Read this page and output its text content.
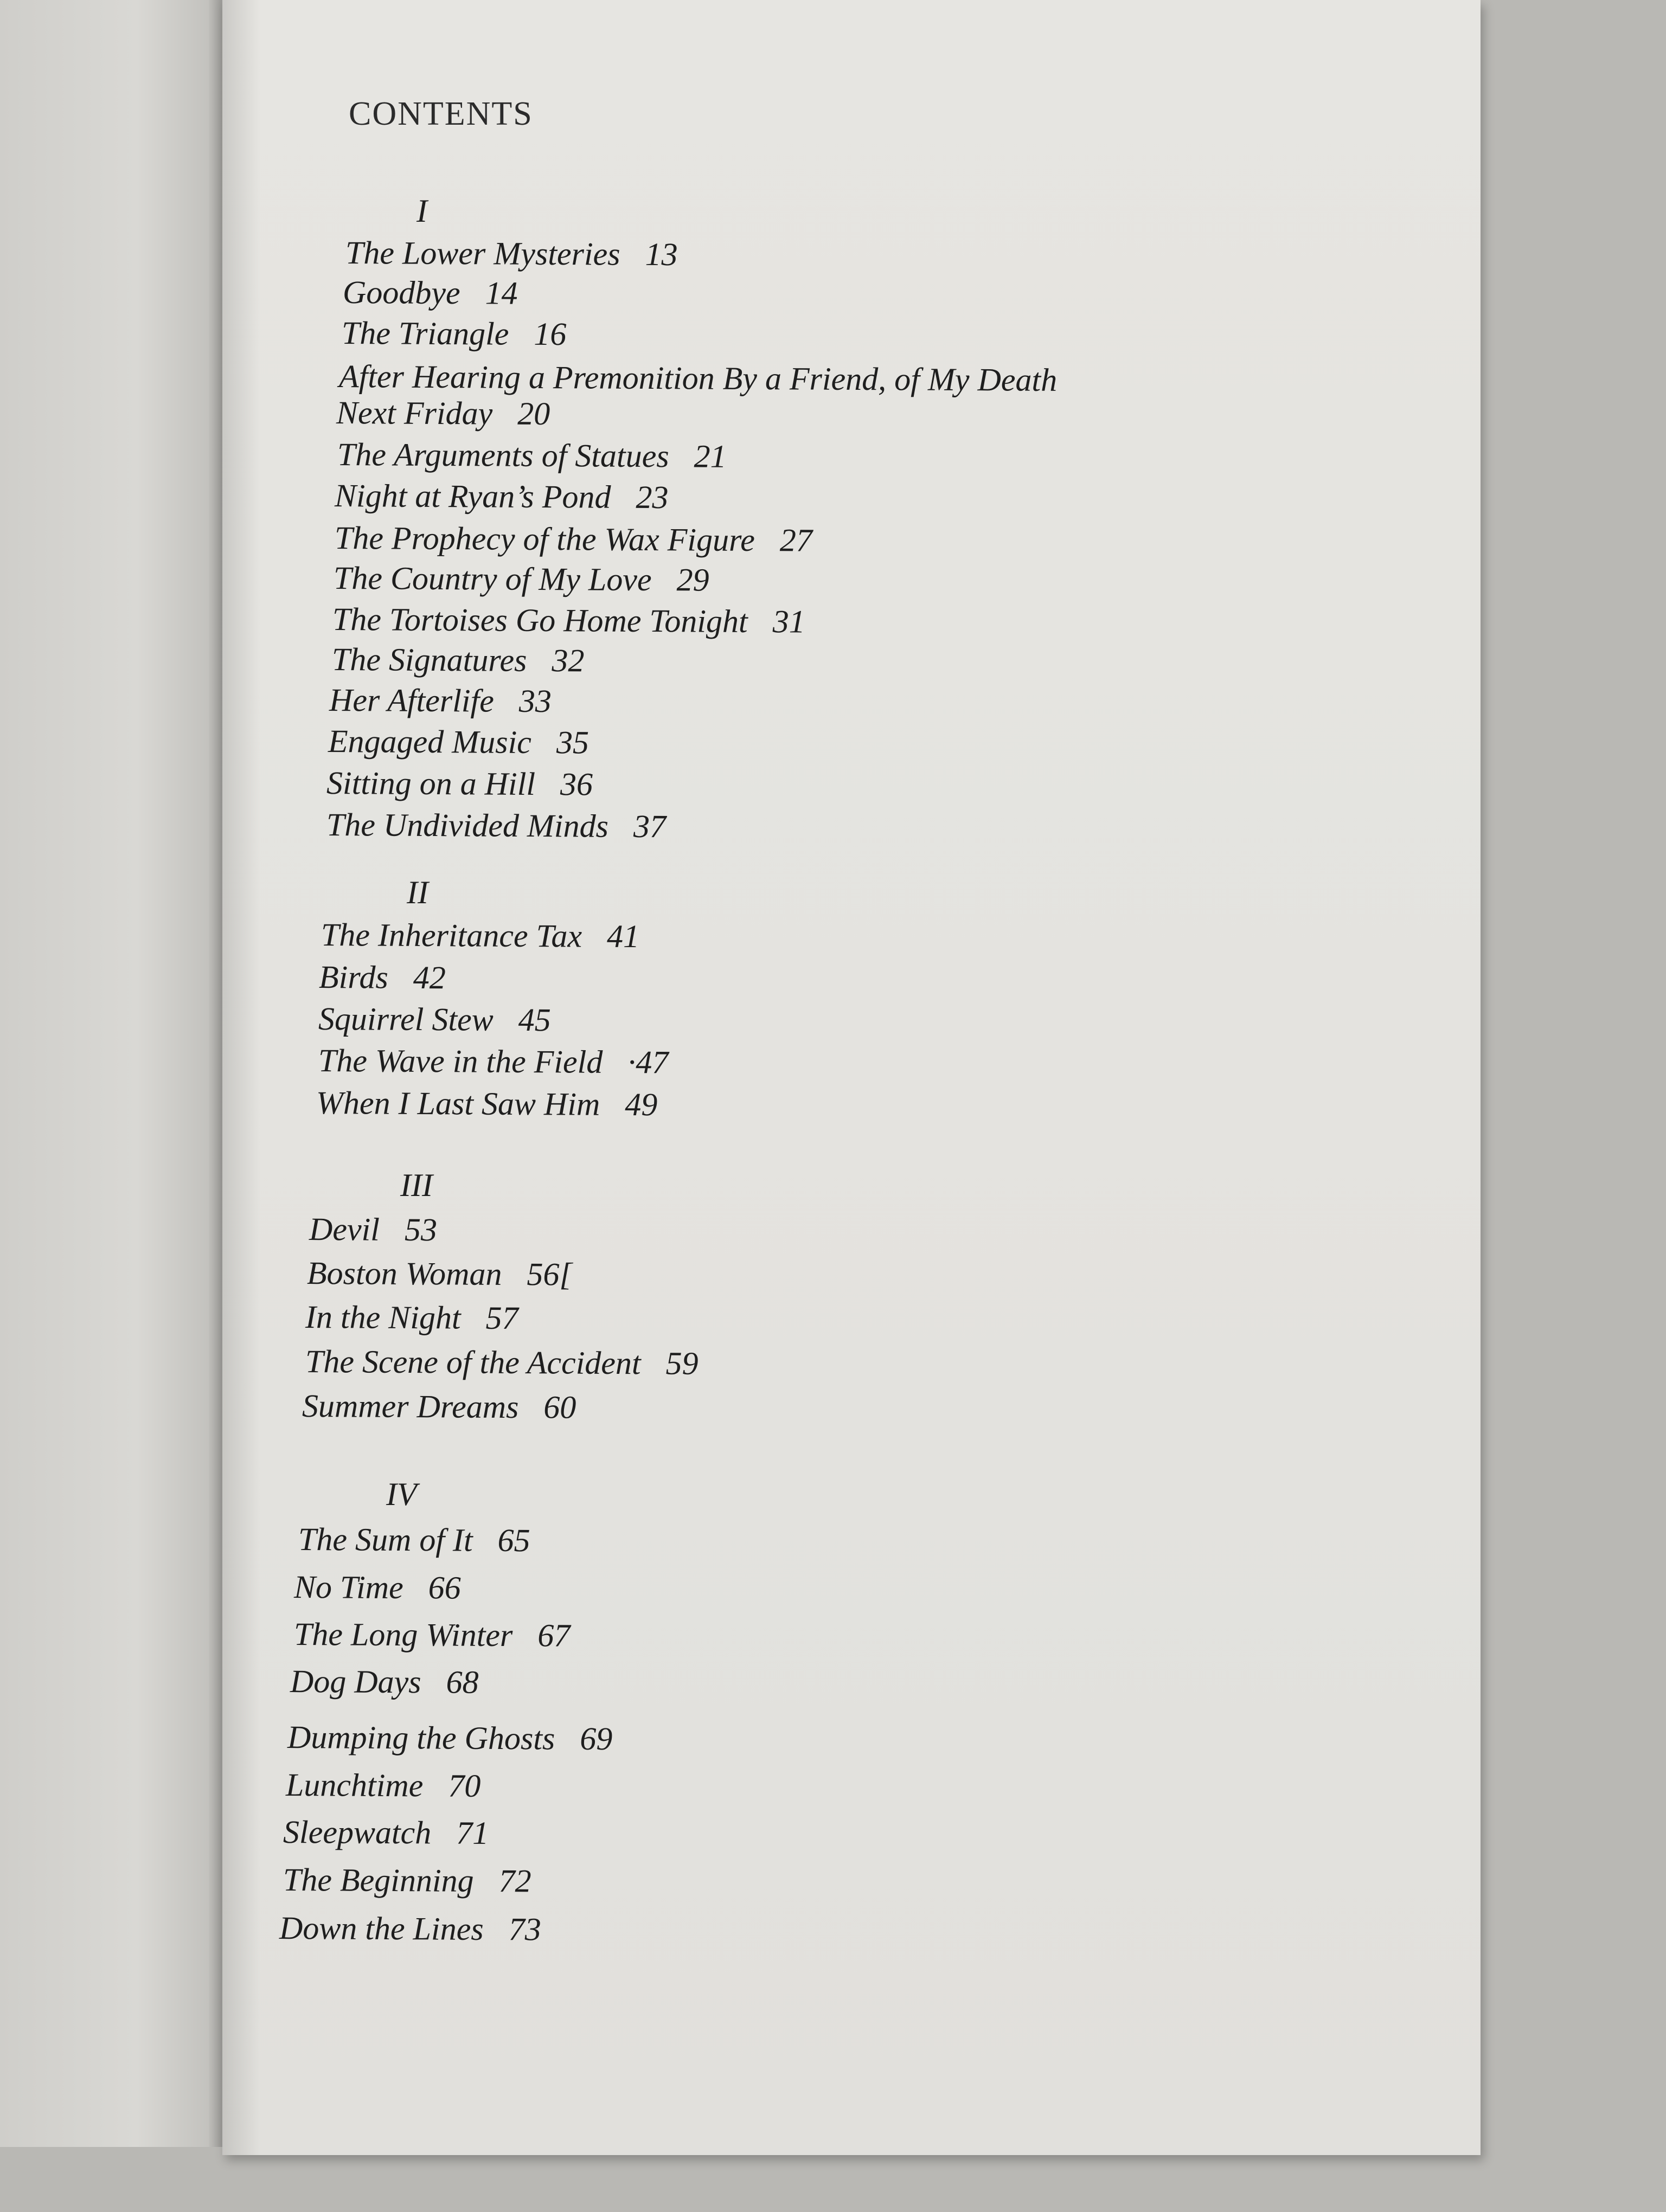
CONTENTS
I
The Lower Mysteries 13
Goodbye 14
The Triangle 16
After Hearing a Premonition By a Friend, of My Death
Next Friday 20
The Arguments of Statues 21
Night at Ryan’s Pond 23
The Prophecy of the Wax Figure 27
The Country of My Love 29
The Tortoises Go Home Tonight 31
The Signatures 32
Her Afterlife 33
Engaged Music 35
Sitting on a Hill 36
The Undivided Minds 37
II
The Inheritance Tax 41
Birds 42
Squirrel Stew 45
The Wave in the Field ·47
When I Last Saw Him 49
III
Devil 53
Boston Woman 56[
In the Night 57
The Scene of the Accident 59
Summer Dreams 60
IV
The Sum of It 65
No Time 66
The Long Winter 67
Dog Days 68
Dumping the Ghosts 69
Lunchtime 70
Sleepwatch 71
The Beginning 72
Down the Lines 73
